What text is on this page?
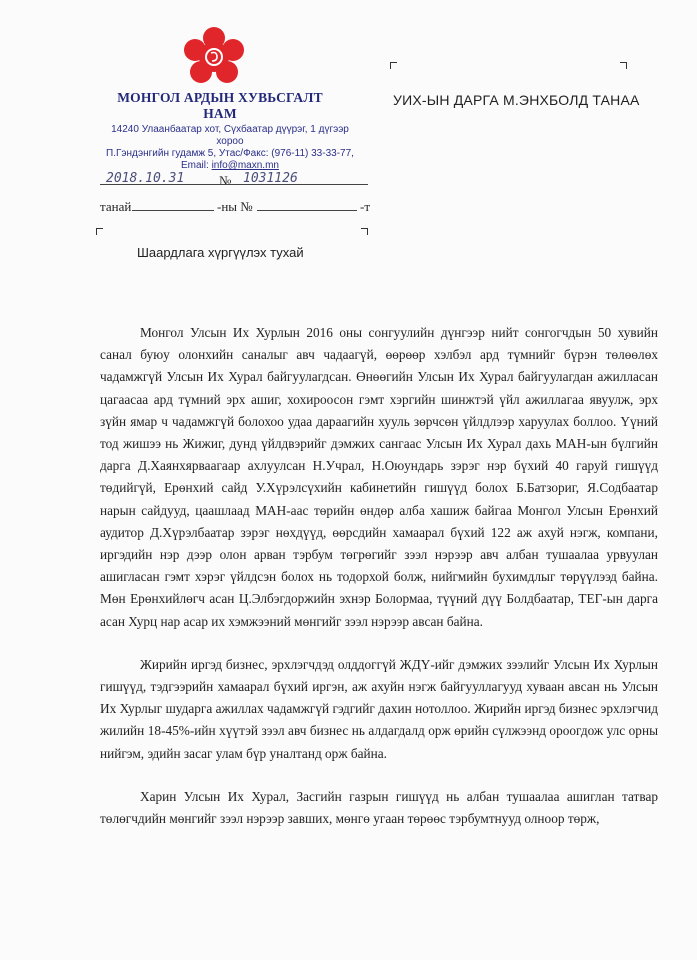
МОНГОЛ АРДЫН ХУВЬСГАЛТ НАМ
14240 Улаанбаатар хот, Сүхбаатар дүүрэг, 1 дүгээр хороо
П.Гэндэнгийн гудамж 5, Утас/Факс: (976-11) 33-33-77,
Email: info@maxn.mn
2018.10.31	№ 1031126
танай	-ны №	-т
УИХ-ЫН ДАРГА М.ЭНХБОЛД ТАНАА
Шаардлага хүргүүлэх тухай

Монгол Улсын Их Хурлын 2016 оны сонгуулийн дүнгээр нийт сонгогчдын 50 хувийн санал буюу олонхийн саналыг авч чадаагүй, өөрөөр хэлбэл ард түмнийг бүрэн төлөөлөх чадамжгүй Улсын Их Хурал байгуулагдсан. Өнөөгийн Улсын Их Хурал байгуулагдан ажилласан цагаасаа ард түмний эрх ашиг, хохироосон гэмт хэргийн шинжтэй үйл ажиллагаа явуулж, эрх зүйн ямар ч чадамжгүй болохоо удаа дараагийн хууль зөрчсөн үйлдлээр харуулах боллоо. Үүний тод жишээ нь Жижиг, дунд үйлдвэрийг дэмжих сангаас Улсын Их Хурал дахь МАН-ын бүлгийн дарга Д.Хаянхярваагаар ахлуулсан Н.Учрал, Н.Оюундарь зэрэг нэр бүхий 40 гаруй гишүүд төдийгүй, Ерөнхий сайд У.Хүрэлсүхийн кабинетийн гишүүд болох Б.Батзориг, Я.Содбаатар нарын сайдууд, цаашлаад МАН-аас төрийн өндөр алба хашиж байгаа Монгол Улсын Ерөнхий аудитор Д.Хүрэлбаатар зэрэг нөхдүүд, өөрсдийн хамаарал бүхий 122 аж ахуй нэгж, компани, иргэдийн нэр дээр олон арван тэрбум төгрөгийг зээл нэрээр авч албан тушаалаа урвуулан ашигласан гэмт хэрэг үйлдсэн болох нь тодорхой болж, нийгмийн бухимдлыг төрүүлээд байна. Мөн Ерөнхийлөгч асан Ц.Элбэгдоржийн эхнэр Болормаа, түүний дүү Болдбаатар, ТЕГ-ын дарга асан Хурц нар асар их хэмжээний мөнгийг зээл нэрээр авсан байна.

Жирийн иргэд бизнес, эрхлэгчдэд олддоггүй ЖДҮ-ийг дэмжих зээлийг Улсын Их Хурлын гишүүд, тэдгээрийн хамаарал бүхий иргэн, аж ахуйн нэгж байгууллагууд хуваан авсан нь Улсын Их Хурлыг шударга ажиллах чадамжгүй гэдгийг дахин нотоллоо. Жирийн иргэд бизнес эрхлэгчид жилийн 18-45%-ийн хүүтэй зээл авч бизнес нь алдагдалд орж өрийн сүлжээнд ороогдож улс орны нийгэм, эдийн засаг улам бүр уналтанд орж байна.

Харин Улсын Их Хурал, Засгийн газрын гишүүд нь албан тушаалаа ашиглан татвар төлөгчдийн мөнгийг зээл нэрээр завших, мөнгө угаан төрөөс тэрбумтнууд олноор төрж,
